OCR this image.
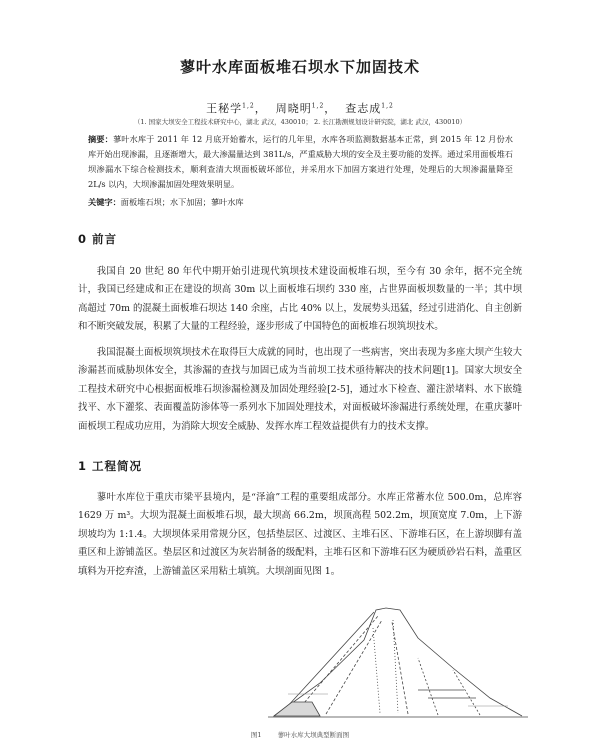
蓼叶水库面板堆石坝水下加固技术
王秘学$^{1,2}$，  周晓明$^{1,2}$，  查志成$^{1,2}$
（1. 国家大坝安全工程技术研究中心，湖北 武汉，430010； 2. 长江勘测规划设计研究院，湖北 武汉，430010）
摘要：蓼叶水库于 2011 年 12 月底开始蓄水，运行的几年里，水库各项监测数据基本正常，到 2015 年 12 月份水库开始出现渗漏，且逐渐增大，最大渗漏量达到 381L/s，严重威胁大坝的安全及主要功能的发挥。通过采用面板堆石坝渗漏水下综合检测技术，顺利查清大坝面板破坏部位，并采用水下加固方案进行处理，处理后的大坝渗漏量降至 2L/s 以内，大坝渗漏加固处理效果明显。
关键字：面板堆石坝；水下加固；蓼叶水库
0 前言
我国自 20 世纪 80 年代中期开始引进现代筑坝技术建设面板堆石坝，至今有 30 余年，据不完全统计，我国已经建成和正在建设的坝高 30m 以上面板堆石坝约 330 座，占世界面板坝数量的一半；其中坝高超过 70m 的混凝土面板堆石坝达 140 余座，占比 40% 以上，发展势头迅猛，经过引进消化、自主创新和不断突破发展，积累了大量的工程经验，逐步形成了中国特色的面板堆石坝筑坝技术。
我国混凝土面板坝筑坝技术在取得巨大成就的同时，也出现了一些病害，突出表现为多座大坝产生较大渗漏甚而威胁坝体安全，其渗漏的查找与加固已成为当前坝工技术亟待解决的技术问题[1]。国家大坝安全工程技术研究中心根据面板堆石坝渗漏检测及加固处理经验[2-5]，通过水下检查、灌注淤堵料、水下嵌缝找平、水下灌浆、表面覆盖防渗体等一系列水下加固处理技术，对面板破坏渗漏进行系统处理，在重庆蓼叶面板坝工程成功应用，为消除大坝安全威胁、发挥水库工程效益提供有力的技术支撑。
1 工程简况
蓼叶水库位于重庆市梁平县境内，是“泽渝”工程的重要组成部分。水库正常蓄水位 500.0m，总库容 1629 万 m³。大坝为混凝土面板堆石坝，最大坝高 66.2m，坝顶高程 502.2m，坝顶宽度 7.0m，上下游坝坡均为 1:1.4。大坝坝体采用常规分区，包括垫层区、过渡区、主堆石区、下游堆石区，在上游坝脚有盖重区和上游铺盖区。垫层区和过渡区为灰岩制备的级配料，主堆石区和下游堆石区为硬质砂岩石料，盖重区填料为开挖弃渣，上游铺盖区采用粘土填筑。大坝剖面见图 1。
图1 蓼叶水库大坝典型断面图
